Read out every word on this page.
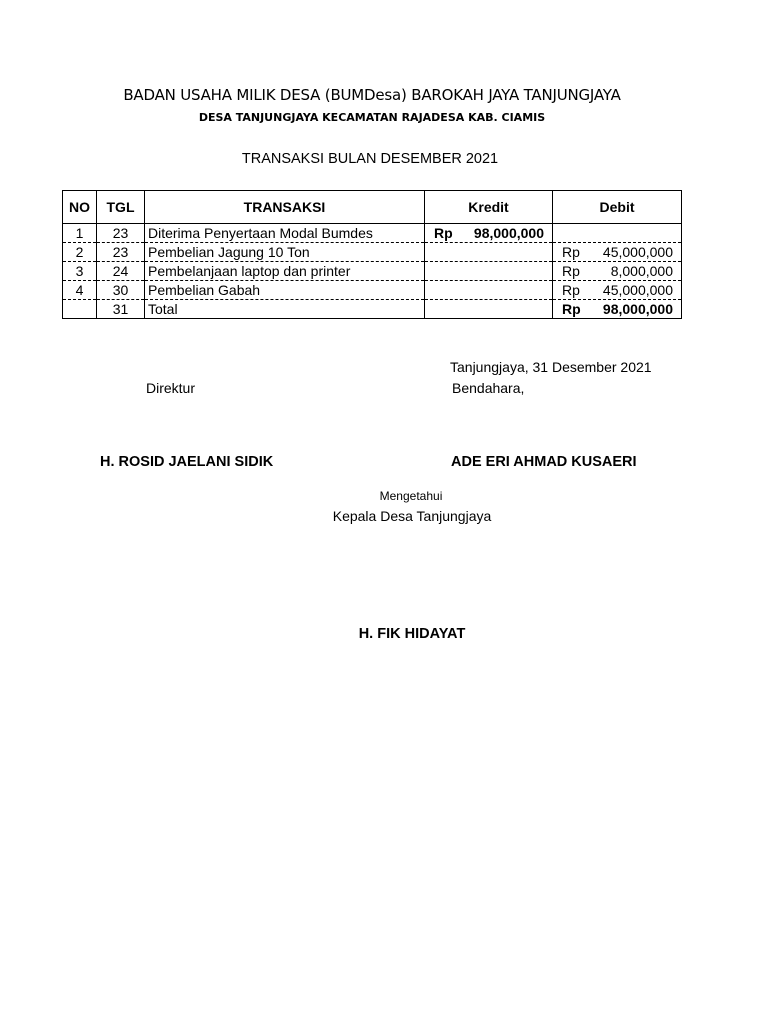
BADAN USAHA MILIK DESA (BUMDesa) BAROKAH JAYA TANJUNGJAYA
DESA TANJUNGJAYA KECAMATAN RAJADESA KAB. CIAMIS
TRANSAKSI BULAN DESEMBER 2021
NO	TGL	TRANSAKSI	Kredit	Debit
1	23	Diterima Penyertaan Modal Bumdes	Rp 98,000,000	

2	23	Pembelian Jagung 10 Ton		Rp 45,000,000

3	24	Pembelanjaan laptop dan printer		Rp 8,000,000

4	30	Pembelian Gabah		Rp 45,000,000

	31	Total		Rp 98,000,000
Tanjungjaya, 31 Desember 2021
Direktur	Bendahara,
H. ROSID JAELANI SIDIK	ADE ERI AHMAD KUSAERI
Mengetahui
Kepala Desa Tanjungjaya
H. FIK HIDAYAT
